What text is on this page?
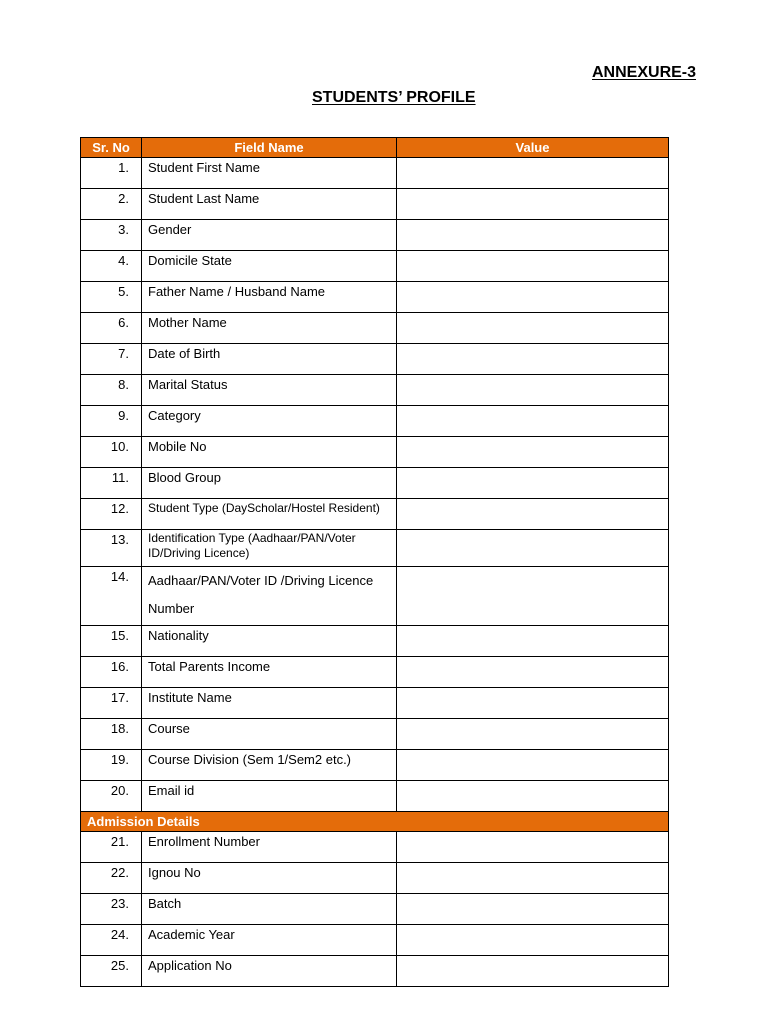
ANNEXURE-3
STUDENTS’ PROFILE
Sr. No	Field Name	Value
1.	Student First Name	
2.	Student Last Name	
3.	Gender	
4.	Domicile State	
5.	Father Name / Husband Name	
6.	Mother Name	
7.	Date of Birth	
8.	Marital Status	
9.	Category	
10.	Mobile No	
11.	Blood Group	
12.	Student Type (DayScholar/Hostel Resident)	
13.	Identification Type (Aadhaar/PAN/Voter ID/Driving Licence)	
14.	Aadhaar/PAN/Voter ID /Driving Licence Number	
15.	Nationality	
16.	Total Parents Income	
17.	Institute Name	
18.	Course	
19.	Course Division (Sem 1/Sem2 etc.)	
20.	Email id	
Admission Details		
21.	Enrollment Number	
22.	Ignou No	
23.	Batch	
24.	Academic Year	
25.	Application No	
